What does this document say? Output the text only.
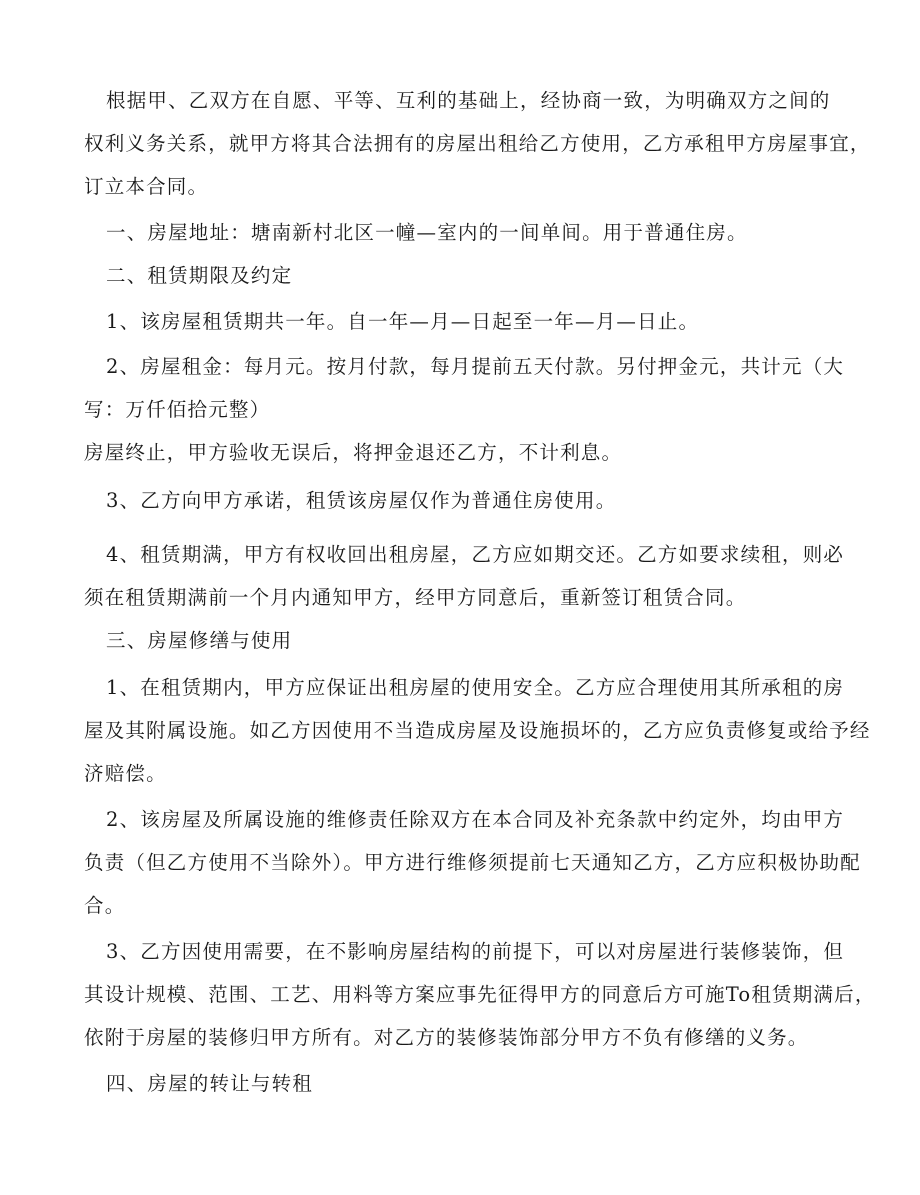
根据甲、乙双方在自愿、平等、互利的基础上，经协商一致，为明确双方之间的
权利义务关系，就甲方将其合法拥有的房屋出租给乙方使用，乙方承租甲方房屋事宜，
订立本合同。
一、房屋地址：塘南新村北区一幢—室内的一间单间。用于普通住房。
二、租赁期限及约定
1、该房屋租赁期共一年。自一年—月—日起至一年—月—日止。
2、房屋租金：每月元。按月付款，每月提前五天付款。另付押金元，共计元（大
写：万仟佰拾元整）
房屋终止，甲方验收无误后，将押金退还乙方，不计利息。
3、乙方向甲方承诺，租赁该房屋仅作为普通住房使用。
4、租赁期满，甲方有权收回出租房屋，乙方应如期交还。乙方如要求续租，则必
须在租赁期满前一个月内通知甲方，经甲方同意后，重新签订租赁合同。
三、房屋修缮与使用
1、在租赁期内，甲方应保证出租房屋的使用安全。乙方应合理使用其所承租的房
屋及其附属设施。如乙方因使用不当造成房屋及设施损坏的，乙方应负责修复或给予经
济赔偿。
2、该房屋及所属设施的维修责任除双方在本合同及补充条款中约定外，均由甲方
负责（但乙方使用不当除外）。甲方进行维修须提前七天通知乙方，乙方应积极协助配
合。
3、乙方因使用需要，在不影响房屋结构的前提下，可以对房屋进行装修装饰，但
其设计规模、范围、工艺、用料等方案应事先征得甲方的同意后方可施To租赁期满后，
依附于房屋的装修归甲方所有。对乙方的装修装饰部分甲方不负有修缮的义务。
四、房屋的转让与转租
